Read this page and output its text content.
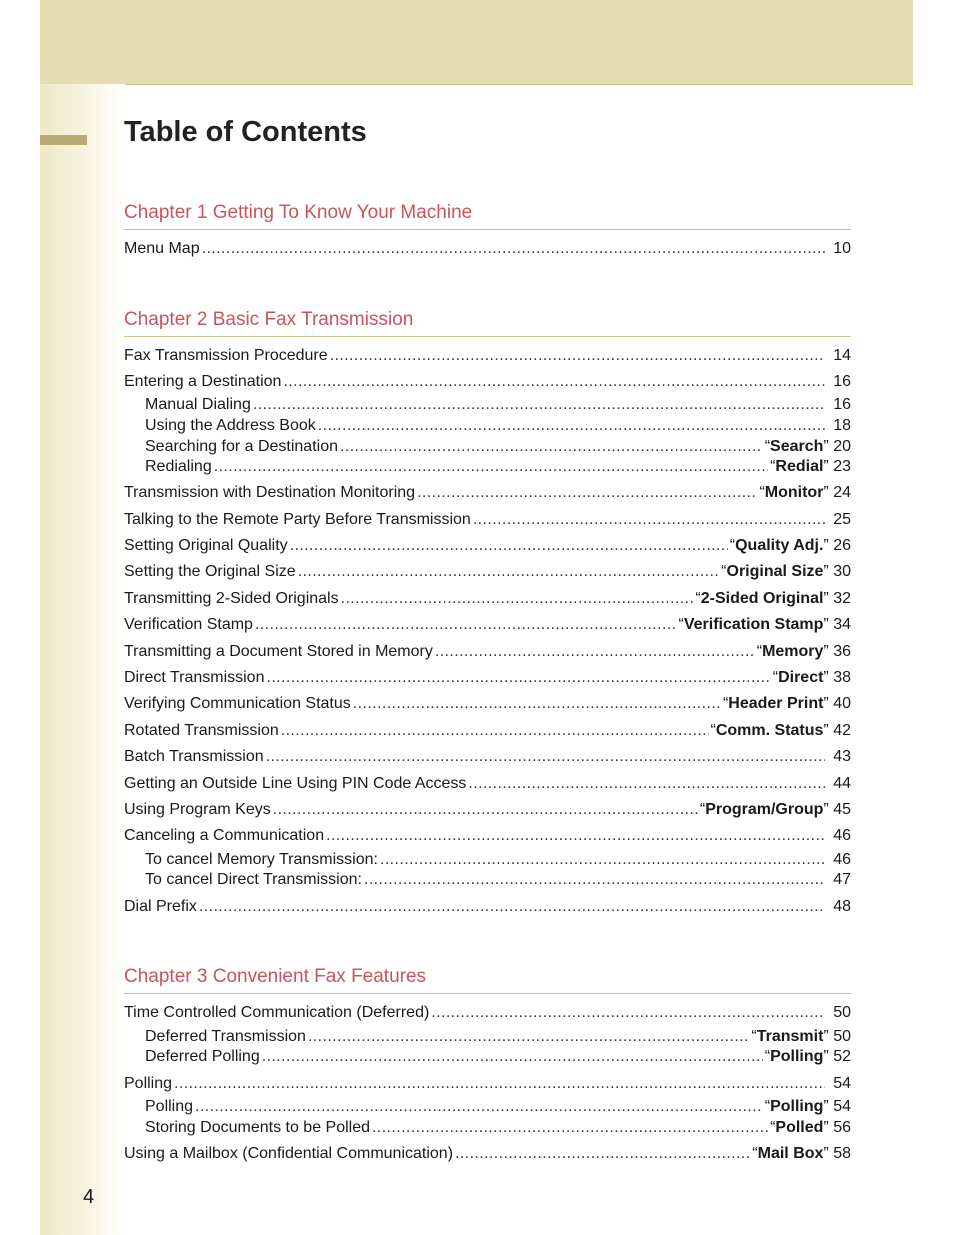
Table of Contents
Chapter 1 Getting To Know Your Machine
Chapter 2 Basic Fax Transmission
Chapter 3 Convenient Fax Features
Menu Map .....	10
Fax Transmission Procedure .....	14
Entering a Destination .....	16
Manual Dialing .....	16
Using the Address Book .....	18
Searching for a Destination .....	“Search” 20
Redialing .....	“Redial” 23
Transmission with Destination Monitoring .....	“Monitor” 24
Talking to the Remote Party Before Transmission .....	25
Setting Original Quality .....	“Quality Adj.” 26
Setting the Original Size .....	“Original Size” 30
Transmitting 2-Sided Originals .....	“2-Sided Original” 32
Verification Stamp .....	“Verification Stamp” 34
Transmitting a Document Stored in Memory .....	“Memory” 36
Direct Transmission .....	“Direct” 38
Verifying Communication Status .....	“Header Print” 40
Rotated Transmission .....	“Comm. Status” 42
Batch Transmission .....	43
Getting an Outside Line Using PIN Code Access .....	44
Using Program Keys .....	“Program/Group” 45
Canceling a Communication .....	46
To cancel Memory Transmission: .....	46
To cancel Direct Transmission: .....	47
Dial Prefix .....	48
Time Controlled Communication (Deferred) .....	50
Deferred Transmission .....	“Transmit” 50
Deferred Polling .....	“Polling” 52
Polling .....	54
Polling .....	“Polling” 54
Storing Documents to be Polled .....	“Polled” 56
Using a Mailbox (Confidential Communication) .....	“Mail Box” 58
4
